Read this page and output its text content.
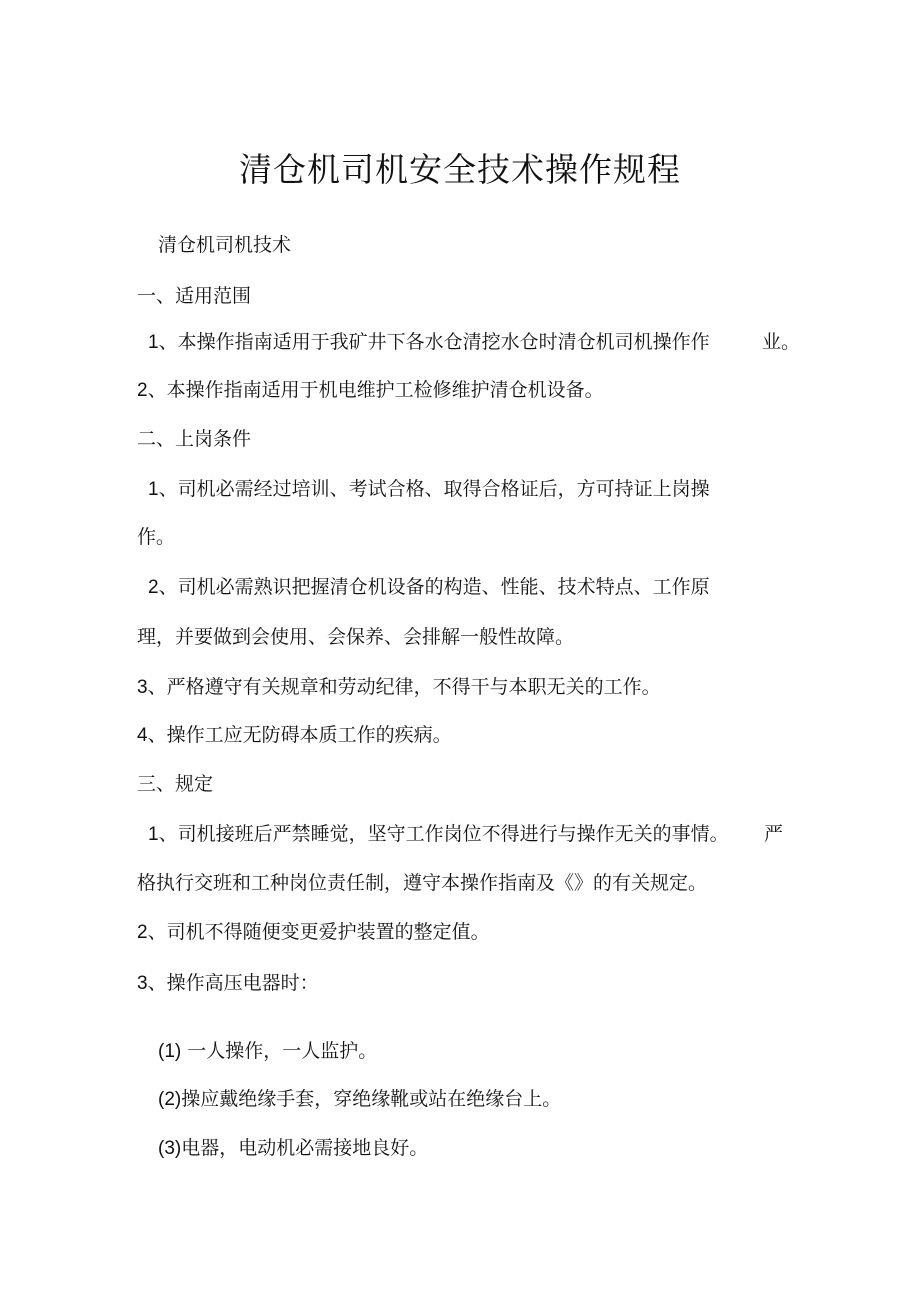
清仓机司机安全技术操作规程
清仓机司机技术
一、适用范围
1、本操作指南适用于我矿井下各水仓清挖水仓时清仓机司机操作作	业。
2、本操作指南适用于机电维护工检修维护清仓机设备。
二、上岗条件
1、司机必需经过培训、考试合格、取得合格证后，方可持证上岗操
作。
2、司机必需熟识把握清仓机设备的构造、性能、技术特点、工作原
理，并要做到会使用、会保养、会排解一般性故障。
3、严格遵守有关规章和劳动纪律，不得干与本职无关的工作。
4、操作工应无防碍本质工作的疾病。
三、规定
1、司机接班后严禁睡觉，坚守工作岗位不得进行与操作无关的事情。 严
格执行交班和工种岗位责任制，遵守本操作指南及《》的有关规定。
2、司机不得随便变更爱护装置的整定值。
3、操作高压电器时：
(1) 一人操作，一人监护。
(2)操应戴绝缘手套，穿绝缘靴或站在绝缘台上。
(3)电器，电动机必需接地良好。
